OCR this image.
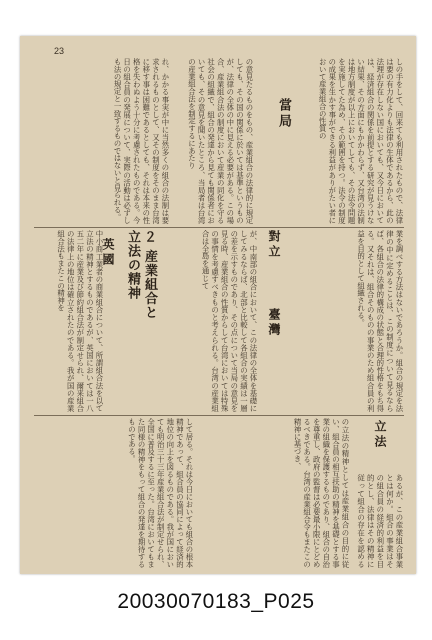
23
しの手をして、回来ても利用されたもので、法律は要の有力化よりも法律の生体であるから、此の法理が存在しない国においても、又今日においては、経済組合の関係を前提とする研究が見うけない結果、その方面にもかかわらず、又台湾の法制は地方制度が以上においてしても、その法令問題を実施してた為め、その範囲を持つ。法令の制度の成果を生かす事ができる利益がありがたい者において産業組合の性質の
當局
の意見たるものをもの、産業組合の法律的に規定しても、その国の関係に於いては基準というものが、法律の全体の中に見える必要がある。この場合、産業組合法の制度において産業の同化を守る社会の組織で、組合の発達から見ても関係者においても、その意見を聞いたところ、当局者は台湾の産業組合法を制定するにあたり
れ、かかる事実が中に当然多くの組合の法制は要求されるものとして、又その制度をそのまま台湾に移す事は困難であるとしても、それは本来の性格を失わぬよう十分に考慮されたものである。今日の組合員の発展について、実際の活動は必ずしも法の規定と一致するものではないと見られる。
業を調べする方法はないであろうか。組合の規定を法律の中に定めることは、この制度について見るならば、各組合の法律的構成の状態と合理的性格をもち得る。又それは、組合そのものの事業のため組合員の利益を目的として組織される。
對立
臺灣
が、中南部の組合において、この法律の全体を基礎にしてみるならば、北部と比較して各組合の実績は一層の差を示すものであり、その点について当局の意見を見る時、産業組合の性質からして台湾においては特殊の事情を考慮すべきものと考えられる。台湾の産業組合は全島を通じて
２ 産業組合と
立法の精神
英國
中小商工業者の商業組合について、所謂組合法を以て立法の精神とするものであるが、英国においては一八五二年に産業及び節約組合法が制定せられ、爾来組合の法律上の地位は確立されたのである。我が国の産業組合法もまたこの精神を
立法
あるが、この産業組合事業とは何か。組合の事業はその組合員の経済的利益を目的とし、法律はその精神に従って組合の存在を認める
の立法の精神としては産業組合の目的に従い、組合員の相互扶助の精神を基礎とする事業の組織を保護するものであり、組合の自治を尊重し、政府の監督は必要最小限にとどめるべきである。台湾の産業組合令もまたこの精神に基づき、
して居る。それは今日においても組合の根本精神であって、組合員の協同によって経済的地位の向上を図るものである。我が国においても明治三十三年産業組合法が制定せられ、全国に普及するに至った。台湾においてもまた同様の精神をもって組合の発達を期待するものである。
20030070183_P025
